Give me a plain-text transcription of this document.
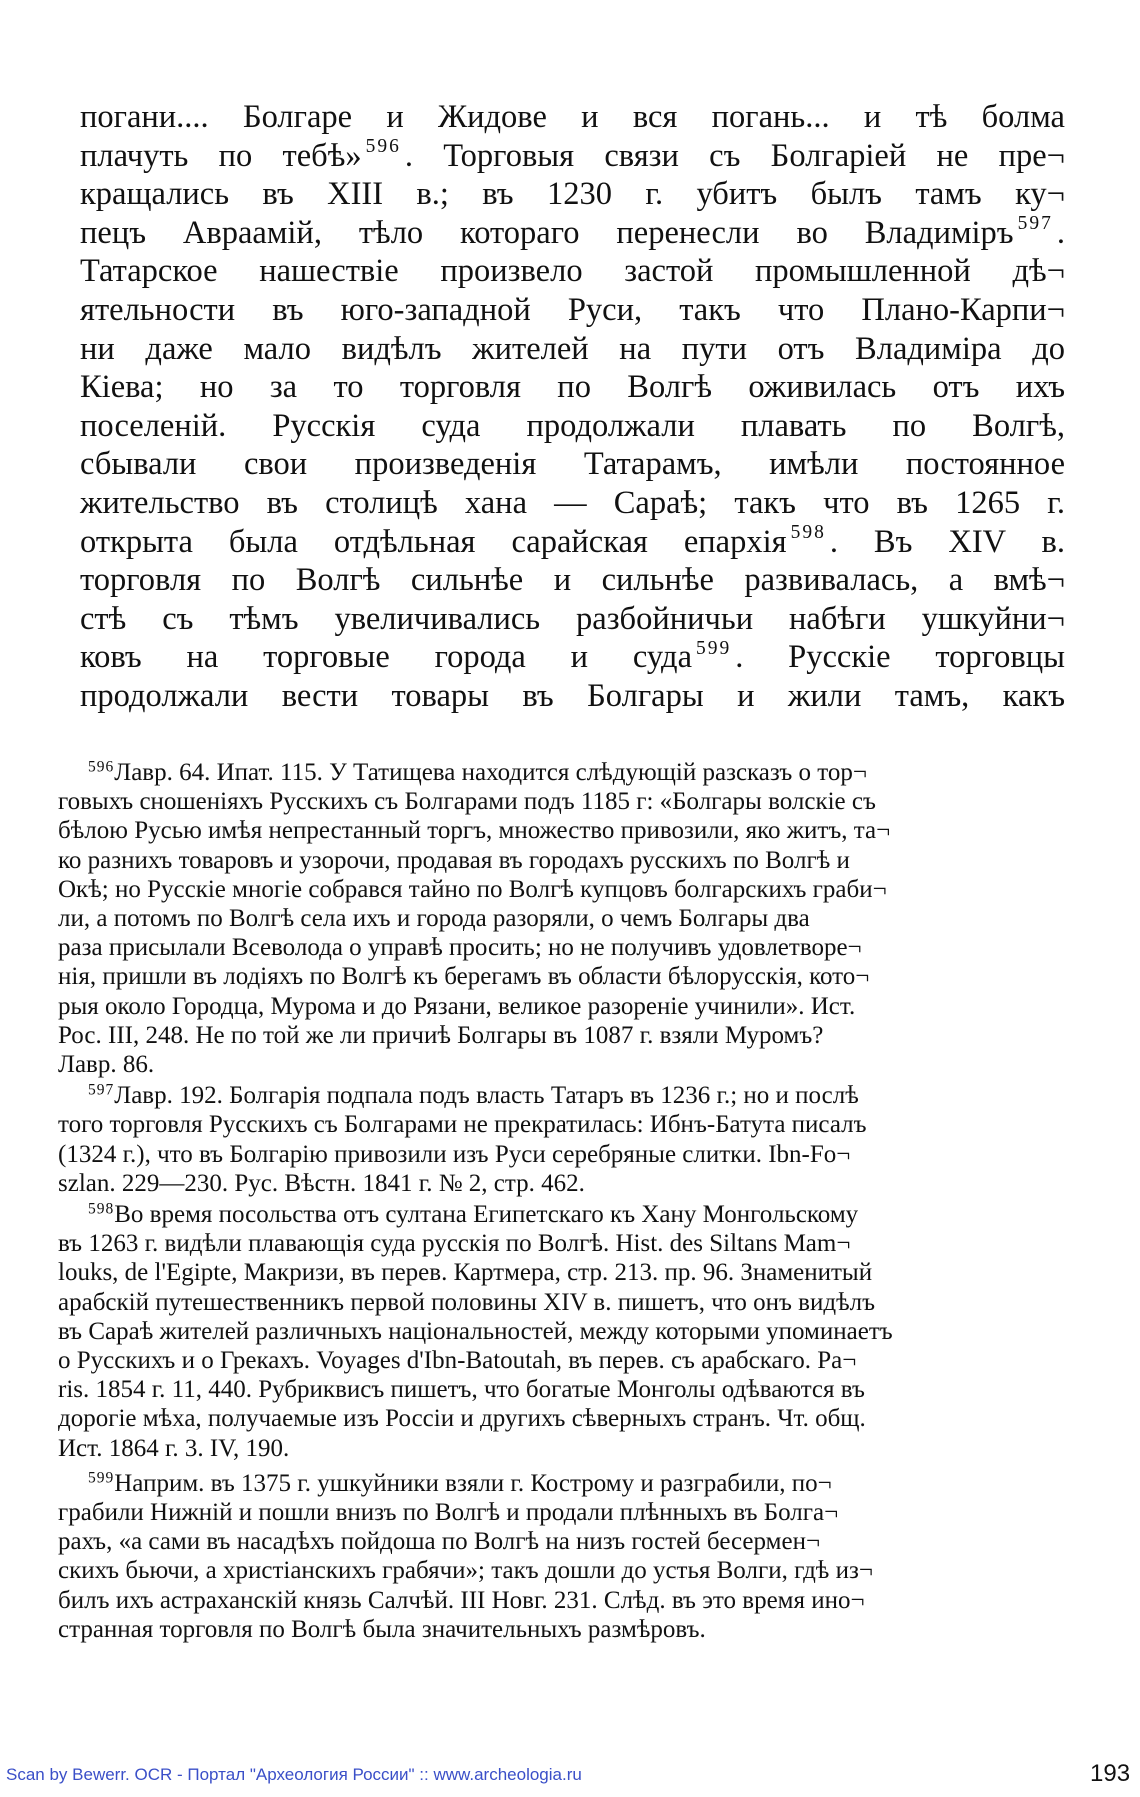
погани.... Болгаре и Жидове и вся погань... и тѣ болма
плачуть по тебѣ» $^{596}$ . Торговыя связи съ Болгаріей не пре¬
кращались въ XIII в.; въ 1230 г. убитъ былъ тамъ ку¬
пецъ Авраамій, тѣло котораго перенесли во Владиміръ $^{597}$ .

Татарское нашествіе произвело застой промышленной дѣ¬
ятельности въ юго-западной Руси, такъ что Плано-Карпи¬
ни даже мало видѣлъ жителей на пути отъ Владиміра до
Кіева; но за то торговля по Волгѣ оживилась отъ ихъ
поселеній. Русскія суда продолжали плавать по Волгѣ,
сбывали свои произведенія Татарамъ, имѣли постоянное
жительство въ столицѣ хана — Сараѣ; такъ что въ 1265 г.
открыта была отдѣльная сарайская епархія $^{598}$ . Въ XIV в.
торговля по Волгѣ сильнѣе и сильнѣе развивалась, а вмѣ¬
стѣ съ тѣмъ увеличивались разбойничьи набѣги ушкуйни¬
ковъ на торговые города и суда $^{599}$ . Русскіе торговцы
продолжали вести товары въ Болгары и жили тамъ, какъ

$^{596}$Лавр. 64. Ипат. 115. У Татищева находится слѣдующій разсказъ о тор¬
говыхъ сношеніяхъ Русскихъ съ Болгарами подъ 1185 г: «Болгары волскіе съ
бѣлою Русью имѣя непрестанный торгъ, множество привозили, яко житъ, та¬
ко разнихъ товаровъ и узорочи, продавая въ городахъ русскихъ по Волгѣ и
Окѣ; но Русскіе многіе собрався тайно по Волгѣ купцовъ болгарскихъ граби¬
ли, а потомъ по Волгѣ села ихъ и города разоряли, о чемъ Болгары два
раза присылали Всеволода о управѣ просить; но не получивъ удовлетворе¬
нія, пришли въ лодіяхъ по Волгѣ къ берегамъ въ области бѣлорусскія, кото¬
рыя около Городца, Мурома и до Рязани, великое разореніе учинили». Ист.
Рос. III, 248. Не по той же ли причиѣ Болгары въ 1087 г. взяли Муромъ?
Лавр. 86.
$^{597}$Лавр. 192. Болгарія подпала подъ власть Татаръ въ 1236 г.; но и послѣ
того торговля Русскихъ съ Болгарами не прекратилась: Ибнъ-Батута писалъ
(1324 г.), что въ Болгарію привозили изъ Руси серебряные слитки. Ibn-Fo¬
szlan. 229—230. Рус. Вѣстн. 1841 г. № 2, стр. 462.
$^{598}$Во время посольства отъ султана Египетскаго къ Хану Монгольскому
въ 1263 г. видѣли плавающія суда русскія по Волгѣ. Hist. des Siltans Mam¬
louks, de l'Egipte, Макризи, въ перев. Картмера, стр. 213. пр. 96. Знаменитый
арабскій путешественникъ первой половины XIV в. пишетъ, что онъ видѣлъ
въ Сараѣ жителей различныхъ національностей, между которыми упоминаетъ
о Русскихъ и о Грекахъ. Voyages d'Ibn-Batoutah, въ перев. съ арабскаго. Pa¬
ris. 1854 г. 11, 440. Рубриквисъ пишетъ, что богатые Монголы одѣваются въ
дорогіе мѣха, получаемые изъ Россіи и другихъ сѣверныхъ странъ. Чт. общ.
Ист. 1864 г. 3. IV, 190.
$^{599}$Наприм. въ 1375 г. ушкуйники взяли г. Кострому и разграбили, по¬
грабили Нижній и пошли внизъ по Волгѣ и продали плѣнныхъ въ Болга¬
рахъ, «а сами въ насадѣхъ пойдоша по Волгѣ на низъ гостей бесермен¬
скихъ бьючи, а христіанскихъ грабячи»; такъ дошли до устья Волги, гдѣ из¬
билъ ихъ астраханскій князь Салчѣй. III Новг. 231. Слѣд. въ это время ино¬
странная торговля по Волгѣ была значительныхъ размѣровъ.
Scan by Bewerr. OCR - Портал "Археология России" :: www.archeologia.ru	193
